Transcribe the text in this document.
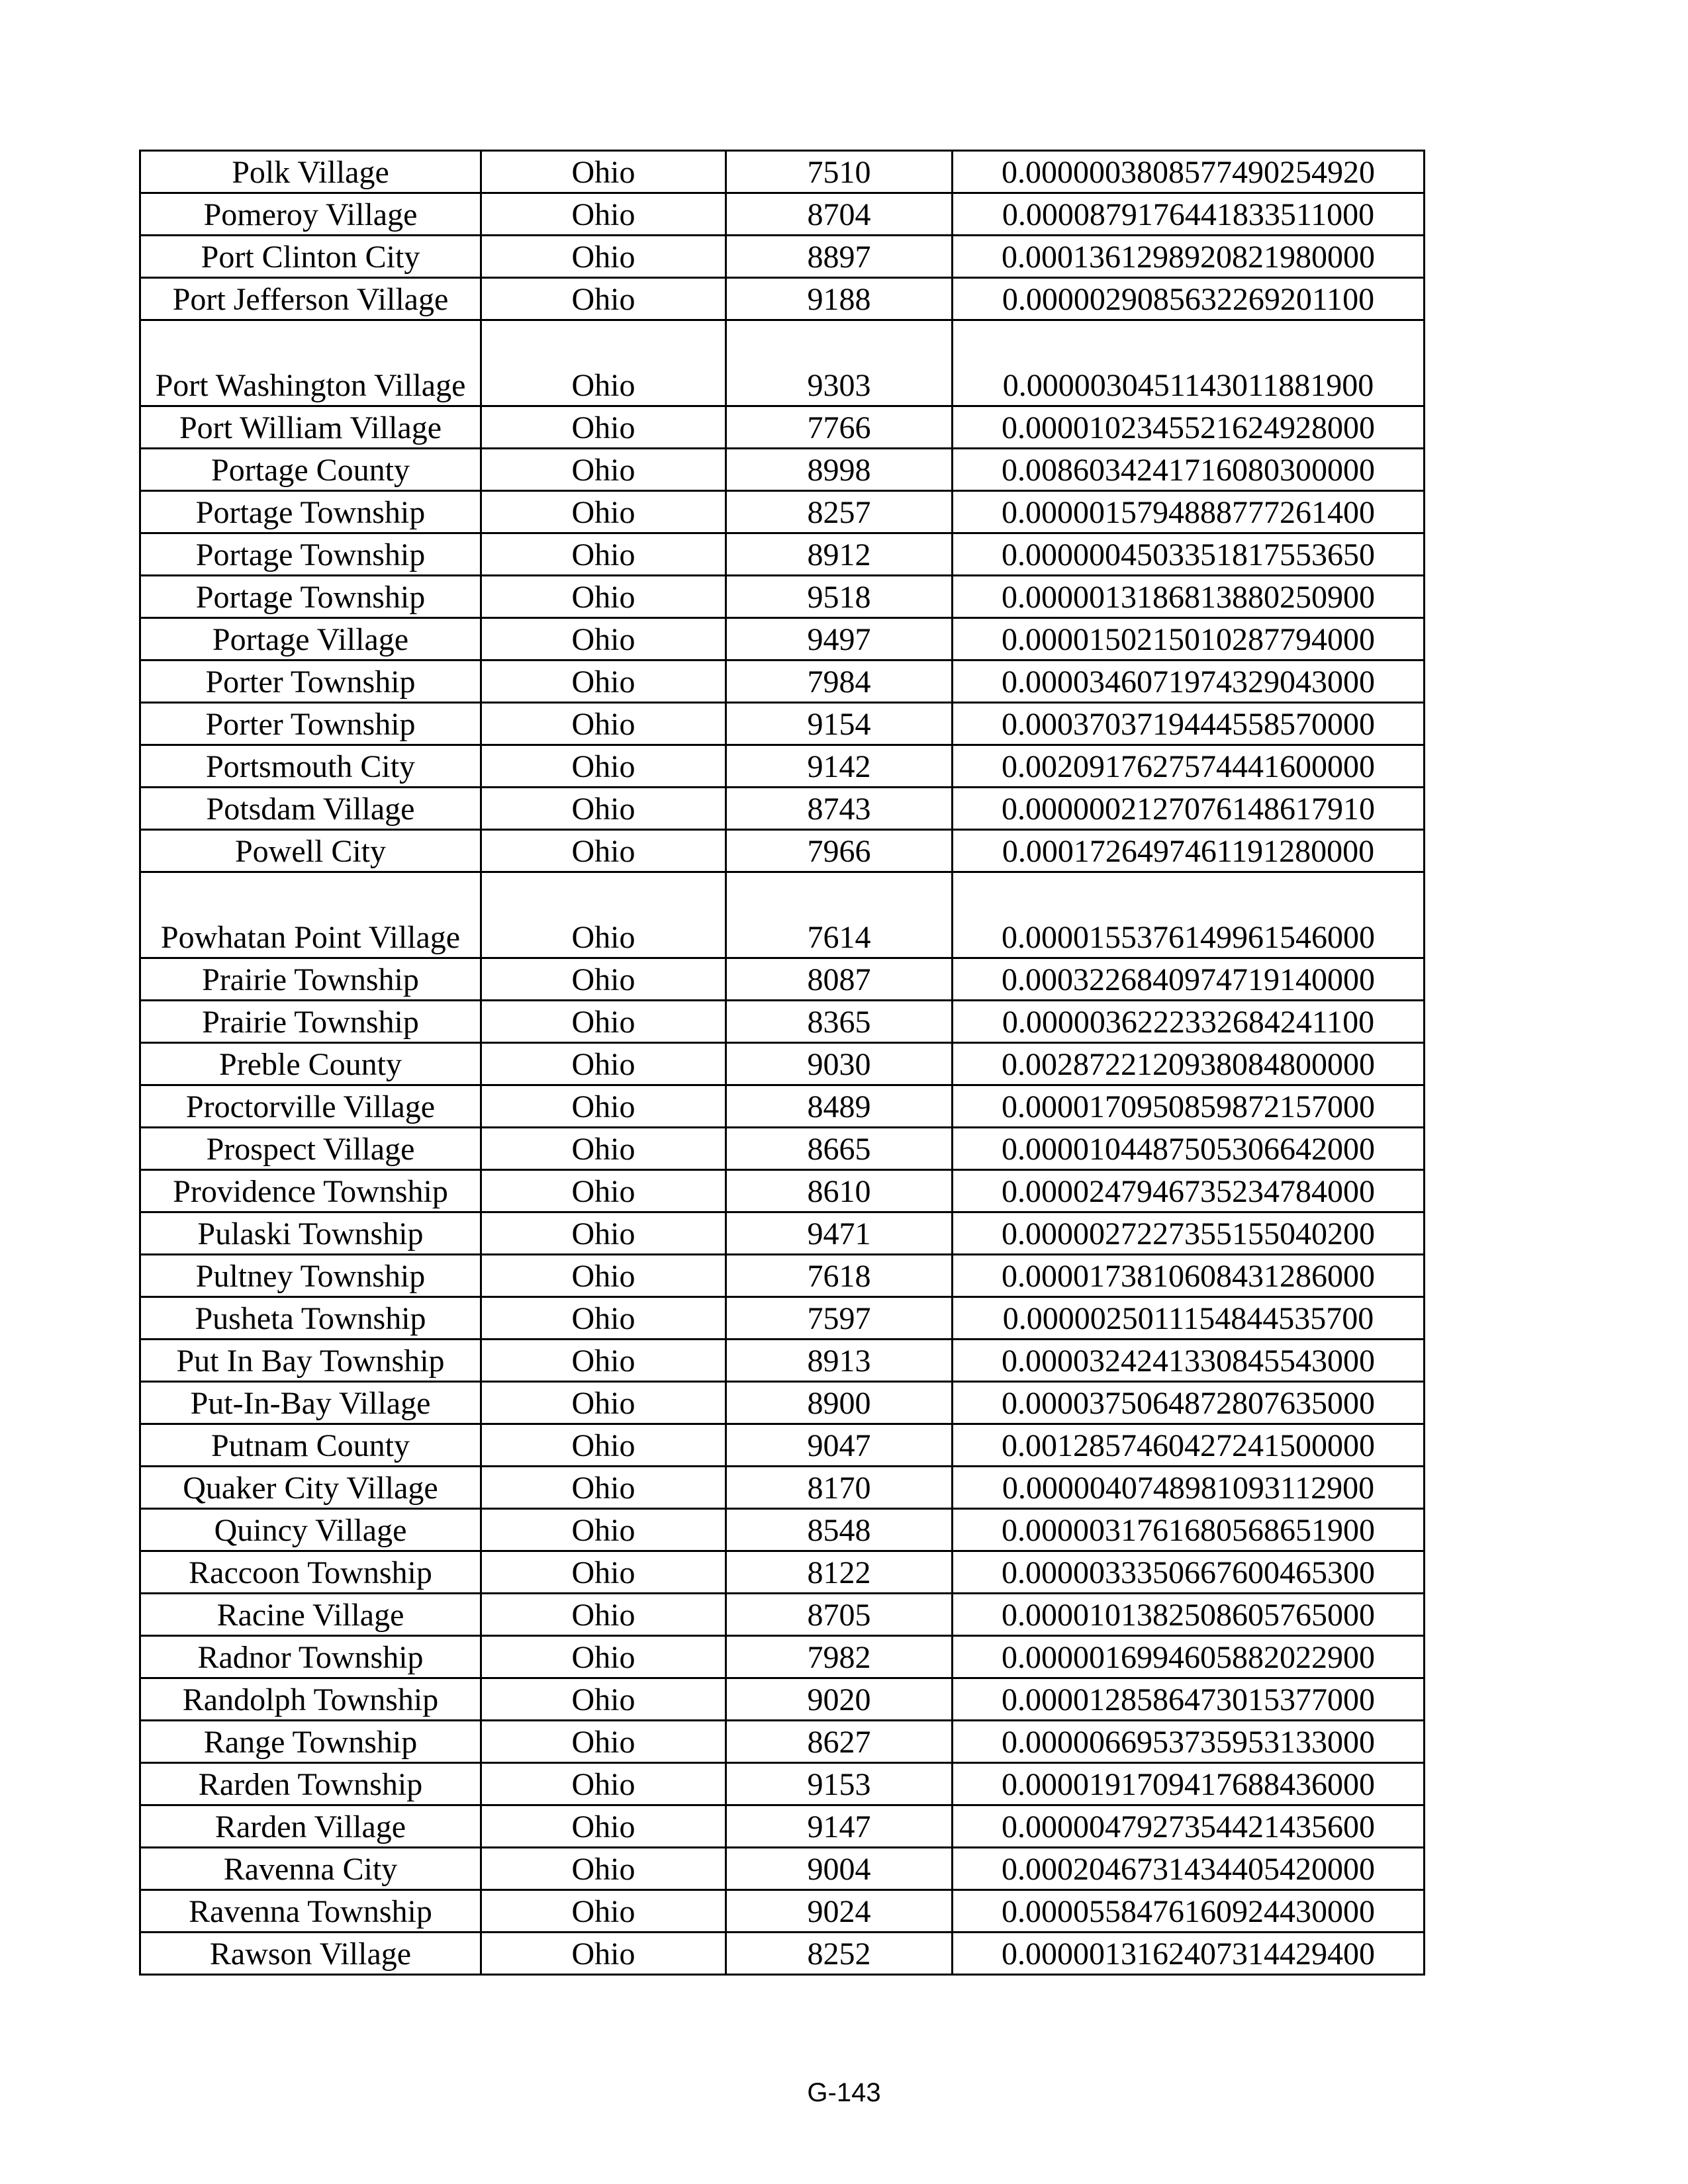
Polk Village	Ohio	7510	0.0000003808577490254920
Pomeroy Village	Ohio	8704	0.0000879176441833511000
Port Clinton City	Ohio	8897	0.0001361298920821980000
Port Jefferson Village	Ohio	9188	0.0000029085632269201100
Port Washington Village	Ohio	9303	0.0000030451143011881900
Port William Village	Ohio	7766	0.0000102345521624928000
Portage County	Ohio	8998	0.0086034241716080300000
Portage Township	Ohio	8257	0.0000015794888777261400
Portage Township	Ohio	8912	0.0000004503351817553650
Portage Township	Ohio	9518	0.0000013186813880250900
Portage Village	Ohio	9497	0.0000150215010287794000
Porter Township	Ohio	7984	0.0000346071974329043000
Porter Township	Ohio	9154	0.0003703719444558570000
Portsmouth City	Ohio	9142	0.0020917627574441600000
Potsdam Village	Ohio	8743	0.0000002127076148617910
Powell City	Ohio	7966	0.0001726497461191280000
Powhatan Point Village	Ohio	7614	0.0000155376149961546000
Prairie Township	Ohio	8087	0.0003226840974719140000
Prairie Township	Ohio	8365	0.0000036222332684241100
Preble County	Ohio	9030	0.0028722120938084800000
Proctorville Village	Ohio	8489	0.0000170950859872157000
Prospect Village	Ohio	8665	0.0000104487505306642000
Providence Township	Ohio	8610	0.0000247946735234784000
Pulaski Township	Ohio	9471	0.0000027227355155040200
Pultney Township	Ohio	7618	0.0000173810608431286000
Pusheta Township	Ohio	7597	0.0000025011154844535700
Put In Bay Township	Ohio	8913	0.0000324241330845543000
Put-In-Bay Village	Ohio	8900	0.0000375064872807635000
Putnam County	Ohio	9047	0.0012857460427241500000
Quaker City Village	Ohio	8170	0.0000040748981093112900
Quincy Village	Ohio	8548	0.0000031761680568651900
Raccoon Township	Ohio	8122	0.0000033350667600465300
Racine Village	Ohio	8705	0.0000101382508605765000
Radnor Township	Ohio	7982	0.0000016994605882022900
Randolph Township	Ohio	9020	0.0000128586473015377000
Range Township	Ohio	8627	0.0000066953735953133000
Rarden Township	Ohio	9153	0.0000191709417688436000
Rarden Village	Ohio	9147	0.0000047927354421435600
Ravenna City	Ohio	9004	0.0002046731434405420000
Ravenna Township	Ohio	9024	0.0000558476160924430000
Rawson Village	Ohio	8252	0.0000013162407314429400
G-143
